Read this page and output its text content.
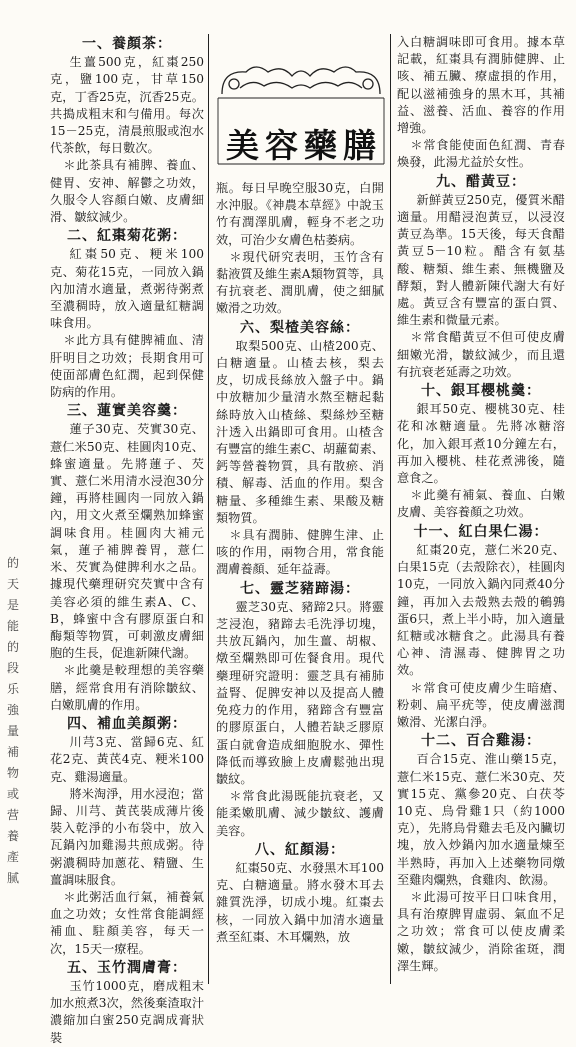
一、養顏茶：

生薑500克，紅棗250克，鹽100克，甘草150克，丁香25克，沉香25克。共搗成粗末和勻備用。每次15－25克，清晨煎服或泡水代茶飲，每日數次。

＊此茶具有補脾、養血、健胃、安神、解鬱之功效，久服令人容顏白嫩、皮膚細滑、皺紋減少。

二、紅棗菊花粥：

紅棗50克、粳米100克、菊花15克，一同放入鍋內加清水適量，煮粥待粥煮至濃稠時，放入適量紅糖調味食用。

＊此方具有健脾補血、清肝明目之功效；長期食用可使面部膚色紅潤，起到保健防病的作用。

三、蓮實美容羹：

蓮子30克、芡實30克、薏仁米50克、桂圓肉10克、蜂蜜適量。先將蓮子、芡實、薏仁米用清水浸泡30分鐘，再將桂圓肉一同放入鍋內，用文火煮至爛熟加蜂蜜調味食用。桂圓肉大補元氣，蓮子補脾養胃，薏仁米、芡實為健脾利水之品。據現代藥理研究芡實中含有美容必須的維生素A、C、B，蜂蜜中含有膠原蛋白和酶類等物質，可刺激皮膚細胞的生長，促進新陳代謝。

＊此羹是較理想的美容藥膳，經常食用有消除皺紋、白嫩肌膚的作用。

四、補血美顏粥：

川芎3克、當歸6克、紅花2克、黃芪4克、粳米100克、雞湯適量。

將米淘淨，用水浸泡；當歸、川芎、黃芪裝成薄片後裝入乾淨的小布袋中，放入瓦鍋內加雞湯共煎成粥。待粥濃稠時加蔥花、精鹽、生薑調味服食。

＊此粥活血行氣，補養氣血之功效；女性常食能調經補血、駐顏美容，每天一次，15天一療程。

五、玉竹潤膚膏：

玉竹1000克，磨成粗末加水煎煮3次，然後棄渣取汁濃縮加白蜜250克調成膏狀裝

美 容 藥 膳

瓶。每日早晚空服30克，白開水沖服。《神農本草經》中說玉竹有潤澤肌膚，輕身不老之功效，可治少女膚色枯萎病。

＊現代研究表明，玉竹含有黏液質及維生素A類物質等，具有抗衰老、潤肌膚，使之細膩嫩滑之功效。

六、梨楂美容絲：

取梨500克、山楂200克、白糖適量。山楂去核，梨去皮，切成長絲放入盤子中。鍋中放糖加少量清水熬至糖起黏絲時放入山楂絲、梨絲炒至糖汁透入出鍋即可食用。山楂含有豐富的維生素C、胡蘿蔔素、鈣等營養物質，具有散瘀、消積、解毒、活血的作用。梨含糖量、多種維生素、果酸及糖類物質。

＊具有潤肺、健脾生津、止咳的作用，兩物合用，常食能潤膚養顏、延年益壽。

七、靈芝豬蹄湯：

靈芝30克、豬蹄2只。將靈芝浸泡，豬蹄去毛洗淨切塊，共放瓦鍋內，加生薑、胡椒、燉至爛熟即可佐餐食用。現代藥理研究證明：靈芝具有補肺益腎、促脾安神以及提高人體免疫力的作用，豬蹄含有豐富的膠原蛋白，人體若缺乏膠原蛋白就會造成細胞脫水、彈性降低而導致臉上皮膚鬆弛出現皺紋。

＊常食此湯既能抗衰老，又能柔嫩肌膚、減少皺紋、護膚美容。

八、紅顏湯：

紅棗50克、水發黑木耳100克、白糖適量。將水發木耳去雜質洗淨，切成小塊。紅棗去核，一同放入鍋中加清水適量煮至紅棗、木耳爛熟，放

入白糖調味即可食用。據本草記載，紅棗具有潤肺健脾、止咳、補五臟、療虛損的作用，配以滋補強身的黑木耳，其補益、滋養、活血、養容的作用增強。

＊常食能使面色紅潤、青春煥發，此湯尤益於女性。

九、醋黃豆：

新鮮黃豆250克，優質米醋適量。用醋浸泡黃豆，以浸沒黃豆為準。15天後，每天食醋黃豆5－10粒。醋含有氨基酸、糖類、維生素、無機鹽及酵類，對人體新陳代謝大有好處。黃豆含有豐富的蛋白質、維生素和微量元素。

＊常食醋黃豆不但可使皮膚細嫩光滑，皺紋減少，而且還有抗衰老延壽之功效。

十、銀耳櫻桃羹：

銀耳50克、櫻桃30克、桂花和冰糖適量。先將冰糖溶化，加入銀耳煮10分鐘左右，再加入櫻桃、桂花煮沸後，隨意食之。

＊此羹有補氣、養血、白嫩皮膚、美容養顏之功效。

十一、紅白果仁湯：

紅棗20克，薏仁米20克、白果15克（去殼除衣），桂圓肉10克，一同放入鍋內同煮40分鐘，再加入去殼熟去殼的鵪鶉蛋6只，煮上半小時，加入適量紅糖或冰糖食之。此湯具有養心神、清濕毒、健脾胃之功效。

＊常食可使皮膚少生暗瘡、粉刺、扁平疣等，使皮膚滋潤嫩滑、光潔白淨。

十二、百合雞湯：

百合15克、淮山藥15克，薏仁米15克、薏仁米30克、芡實15克、黨參20克、白茯苓10克、烏骨雞1只（約1000克），先將烏骨雞去毛及內臟切塊，放入炒鍋內加水適量煉至半熟時，再加入上述藥物同燉至雞肉爛熟，食雞肉、飲湯。

＊此湯可按平日口味食用，具有治療脾胃虛弱、氣血不足之功效；常食可以使皮膚柔嫩，皺紋減少，消除雀斑，潤澤生輝。

的
天
是
能
的
段
乐
強
量
補
物
或
营
養
產
腻
